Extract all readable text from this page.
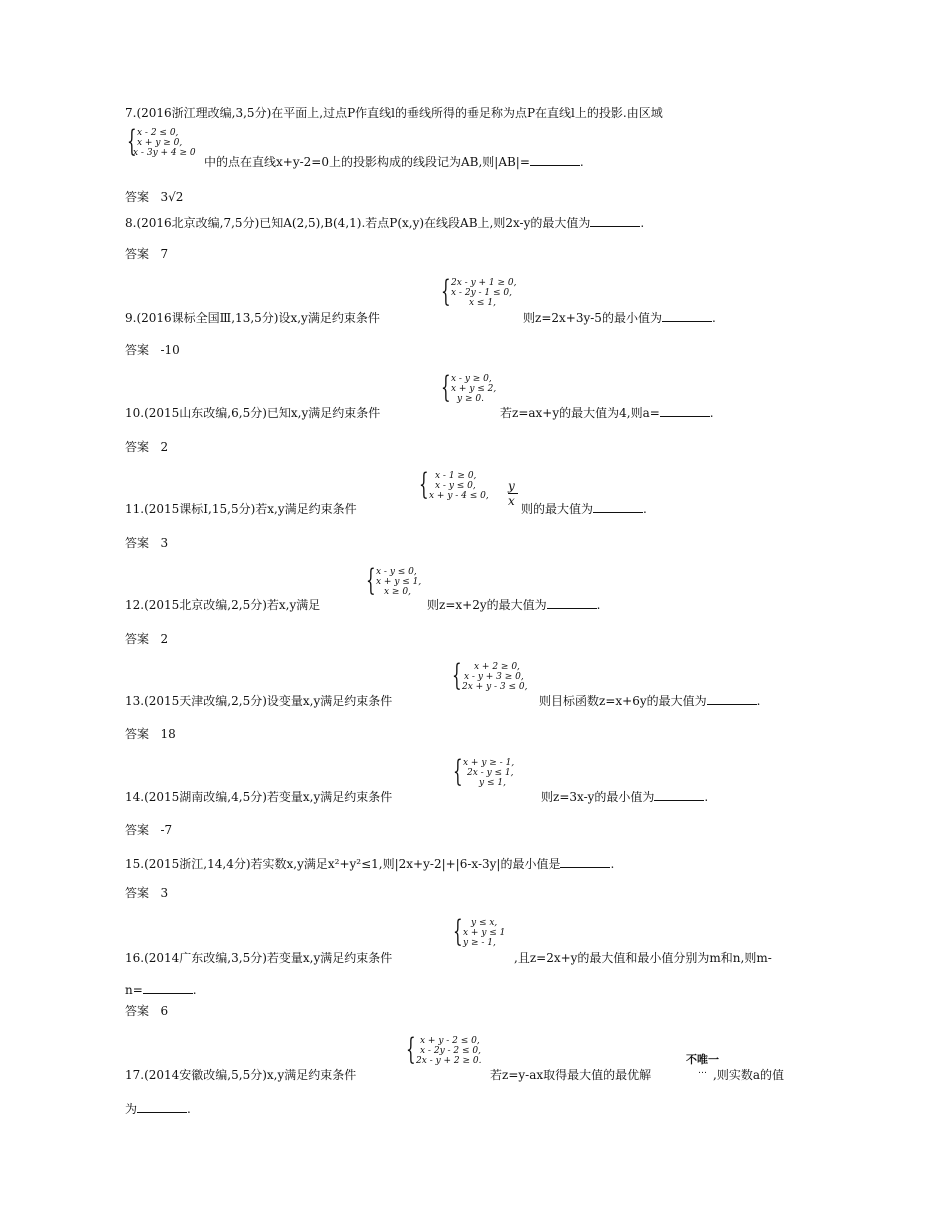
7.(2016浙江理改编,3,5分)在平面上,过点P作直线l的垂线所得的垂足称为点P在直线l上的投影.由区域
{ x - 2 ≤ 0,
x + y ≥ 0,
x - 3y + 4 ≥ 0
中的点在直线x+y-2=0上的投影构成的线段记为AB,则|AB|=	.
答案 3√2
8.(2016北京改编,7,5分)已知A(2,5),B(4,1).若点P(x,y)在线段AB上,则2x-y的最大值为	.
答案 7
{ 2x - y + 1 ≥ 0,
x - 2y - 1 ≤ 0,
x ≤ 1,
9.(2016课标全国Ⅲ,13,5分)设x,y满足约束条件	则z=2x+3y-5的最小值为	.
答案 -10
{ x - y ≥ 0,
x + y ≤ 2,
y ≥ 0.
10.(2015山东改编,6,5分)已知x,y满足约束条件	若z=ax+y的最大值为4,则a=	.
答案 2
{ x - 1 ≥ 0,
x - y ≤ 0,
x + y - 4 ≤ 0,
y
x
11.(2015课标Ⅰ,15,5分)若x,y满足约束条件	则的最大值为	.
答案 3
{ x - y ≤ 0,
x + y ≤ 1,
x ≥ 0,
12.(2015北京改编,2,5分)若x,y满足	则z=x+2y的最大值为	.
答案 2
{	x + 2 ≥ 0,
x - y + 3 ≥ 0,
2x + y - 3 ≤ 0,
13.(2015天津改编,2,5分)设变量x,y满足约束条件	则目标函数z=x+6y的最大值为	.
答案 18
{ x + y ≥ - 1,
2x - y ≤ 1,
y ≤ 1,
14.(2015湖南改编,4,5分)若变量x,y满足约束条件	则z=3x-y的最小值为	.
答案 -7
15.(2015浙江,14,4分)若实数x,y满足x²+y²≤1,则|2x+y-2|+|6-x-3y|的最小值是	.
答案 3
{ y ≤ x,
x + y ≤ 1
y ≥ - 1,
16.(2014广东改编,3,5分)若变量x,y满足约束条件	,且z=2x+y的最大值和最小值分别为m和n,则m-
n=	.
答案 6
{ x + y - 2 ≤ 0,
x - 2y - 2 ≤ 0,
2x - y + 2 ≥ 0.
17.(2014安徽改编,5,5分)x,y满足约束条件	若z=y-ax取得最大值的最优解
不唯一
… ,则实数a的值
为	.
